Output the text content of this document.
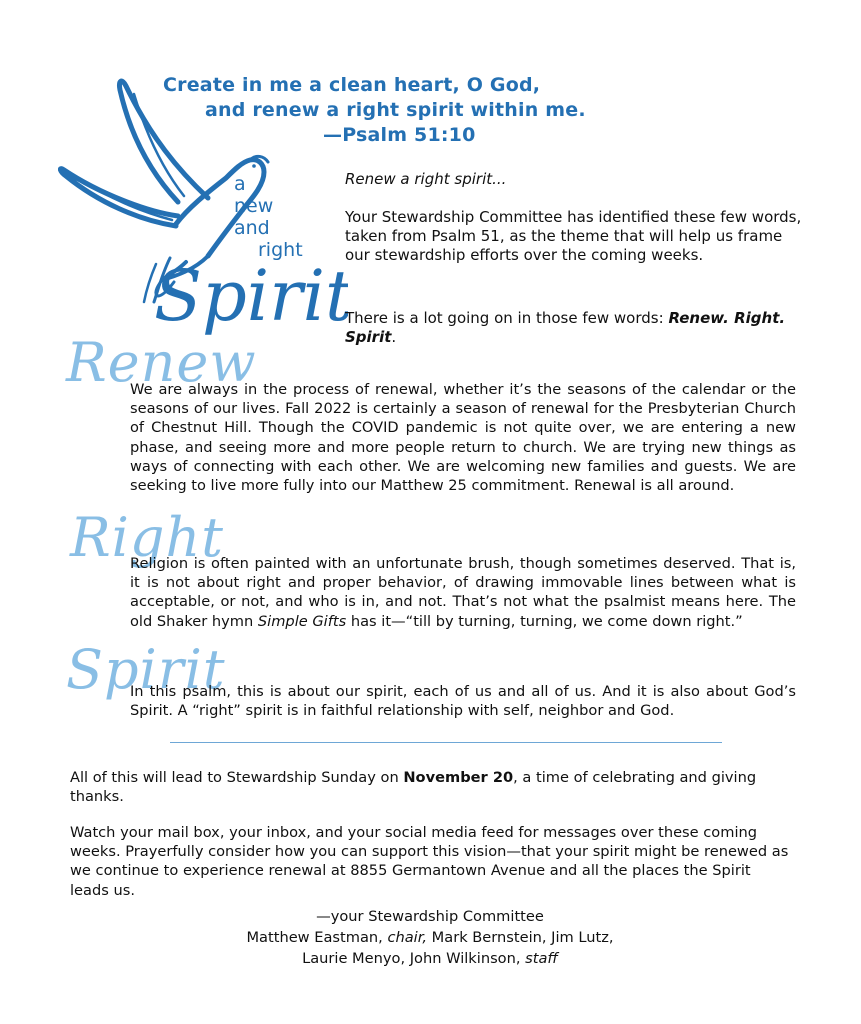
Create in me a clean heart, O God,
and renew a right spirit within me.
—Psalm 51:10
a
new
and
right
Spirit
Renew a right spirit...
Your Stewardship Committee has identified these few words, taken from Psalm 51, as the theme that will help us frame our stewardship efforts over the coming weeks.
There is a lot going on in those few words: Renew. Right. Spirit.
Renew
We are always in the process of renewal, whether it’s the seasons of the calendar or the seasons of our lives. Fall 2022 is certainly a season of renewal for the Presbyterian Church of Chestnut Hill. Though the COVID pandemic is not quite over, we are entering a new phase, and seeing more and more people return to church. We are trying new things as ways of connecting with each other. We are welcoming new families and guests. We are seeking to live more fully into our Matthew 25 commitment. Renewal is all around.
Right
Religion is often painted with an unfortunate brush, though sometimes deserved. That is, it is not about right and proper behavior, of drawing immovable lines between what is acceptable, or not, and who is in, and not. That’s not what the psalmist means here. The old Shaker hymn Simple Gifts has it—“till by turning, turning, we come down right.”
Spirit
In this psalm, this is about our spirit, each of us and all of us. And it is also about God’s Spirit. A “right” spirit is in faithful relationship with self, neighbor and God.
All of this will lead to Stewardship Sunday on November 20, a time of celebrating and giving thanks.
Watch your mail box, your inbox, and your social media feed for messages over these coming weeks. Prayerfully consider how you can support this vision—that your spirit might be renewed as we continue to experience renewal at 8855 Germantown Avenue and all the places the Spirit leads us.
—your Stewardship Committee
Matthew Eastman, chair, Mark Bernstein, Jim Lutz,
Laurie Menyo, John Wilkinson, staff
